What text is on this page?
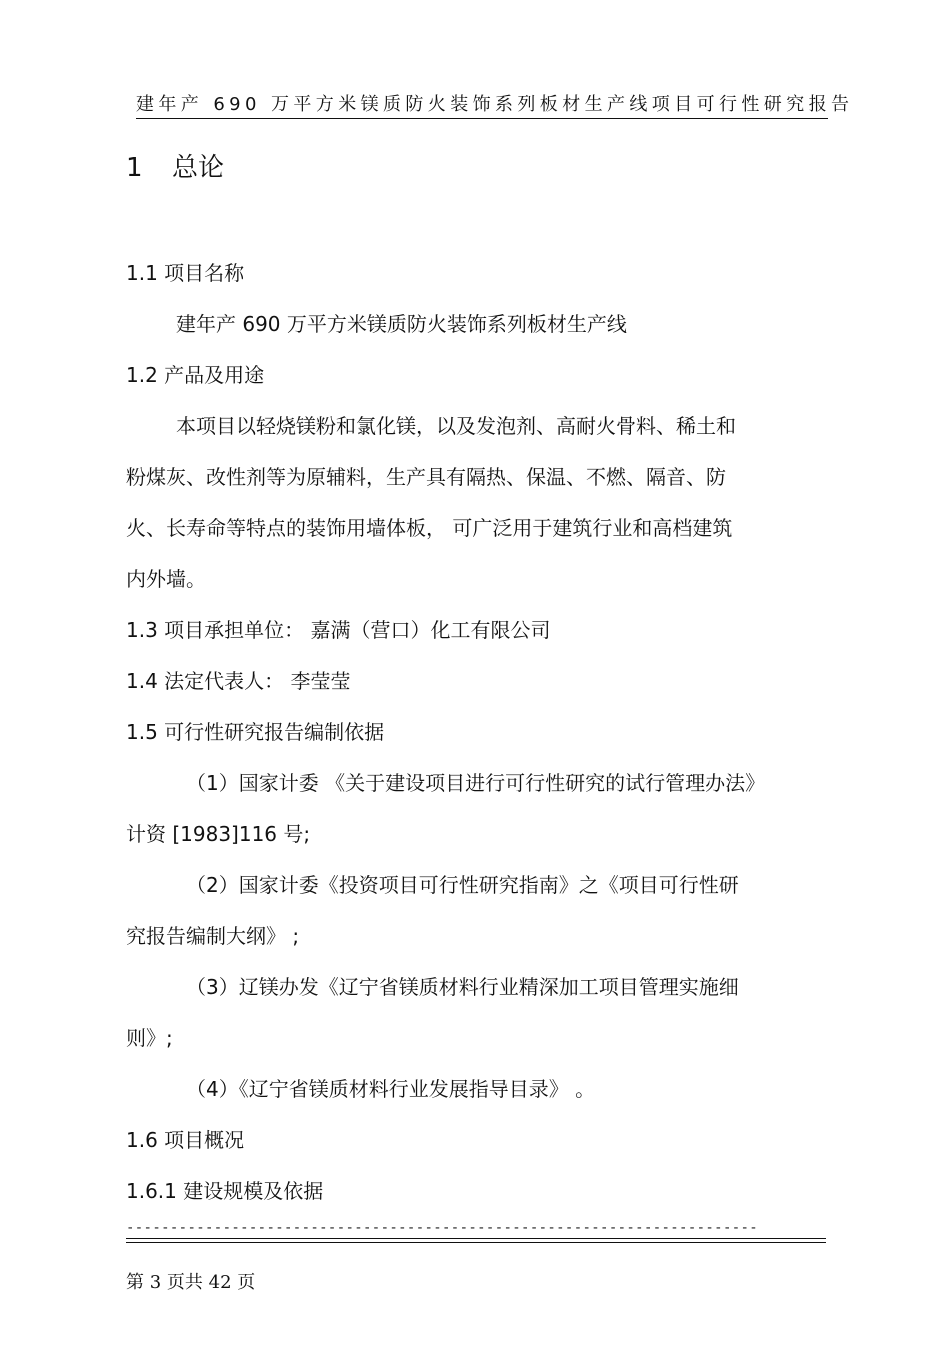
建年产 690 万平方米镁质防火装饰系列板材生产线项目可行性研究报告
1 总论
1.1 项目名称
建年产 690 万平方米镁质防火装饰系列板材生产线
1.2 产品及用途
本项目以轻烧镁粉和氯化镁，以及发泡剂、高耐火骨料、稀土和
粉煤灰、改性剂等为原辅料，生产具有隔热、保温、不燃、隔音、防
火、长寿命等特点的装饰用墙体板， 可广泛用于建筑行业和高档建筑
内外墙。
1.3 项目承担单位： 嘉满（营口）化工有限公司
1.4 法定代表人： 李莹莹
1.5 可行性研究报告编制依据
（1）国家计委 《关于建设项目进行可行性研究的试行管理办法》
计资 [1983]116 号;
（2）国家计委《投资项目可行性研究指南》之《项目可行性研
究报告编制大纲》 ;
（3）辽镁办发《辽宁省镁质材料行业精深加工项目管理实施细
则》;
（4）《辽宁省镁质材料行业发展指导目录》 。
1.6 项目概况
1.6.1 建设规模及依据
------------------------------------------------------------------------
第 3 页共 42 页
